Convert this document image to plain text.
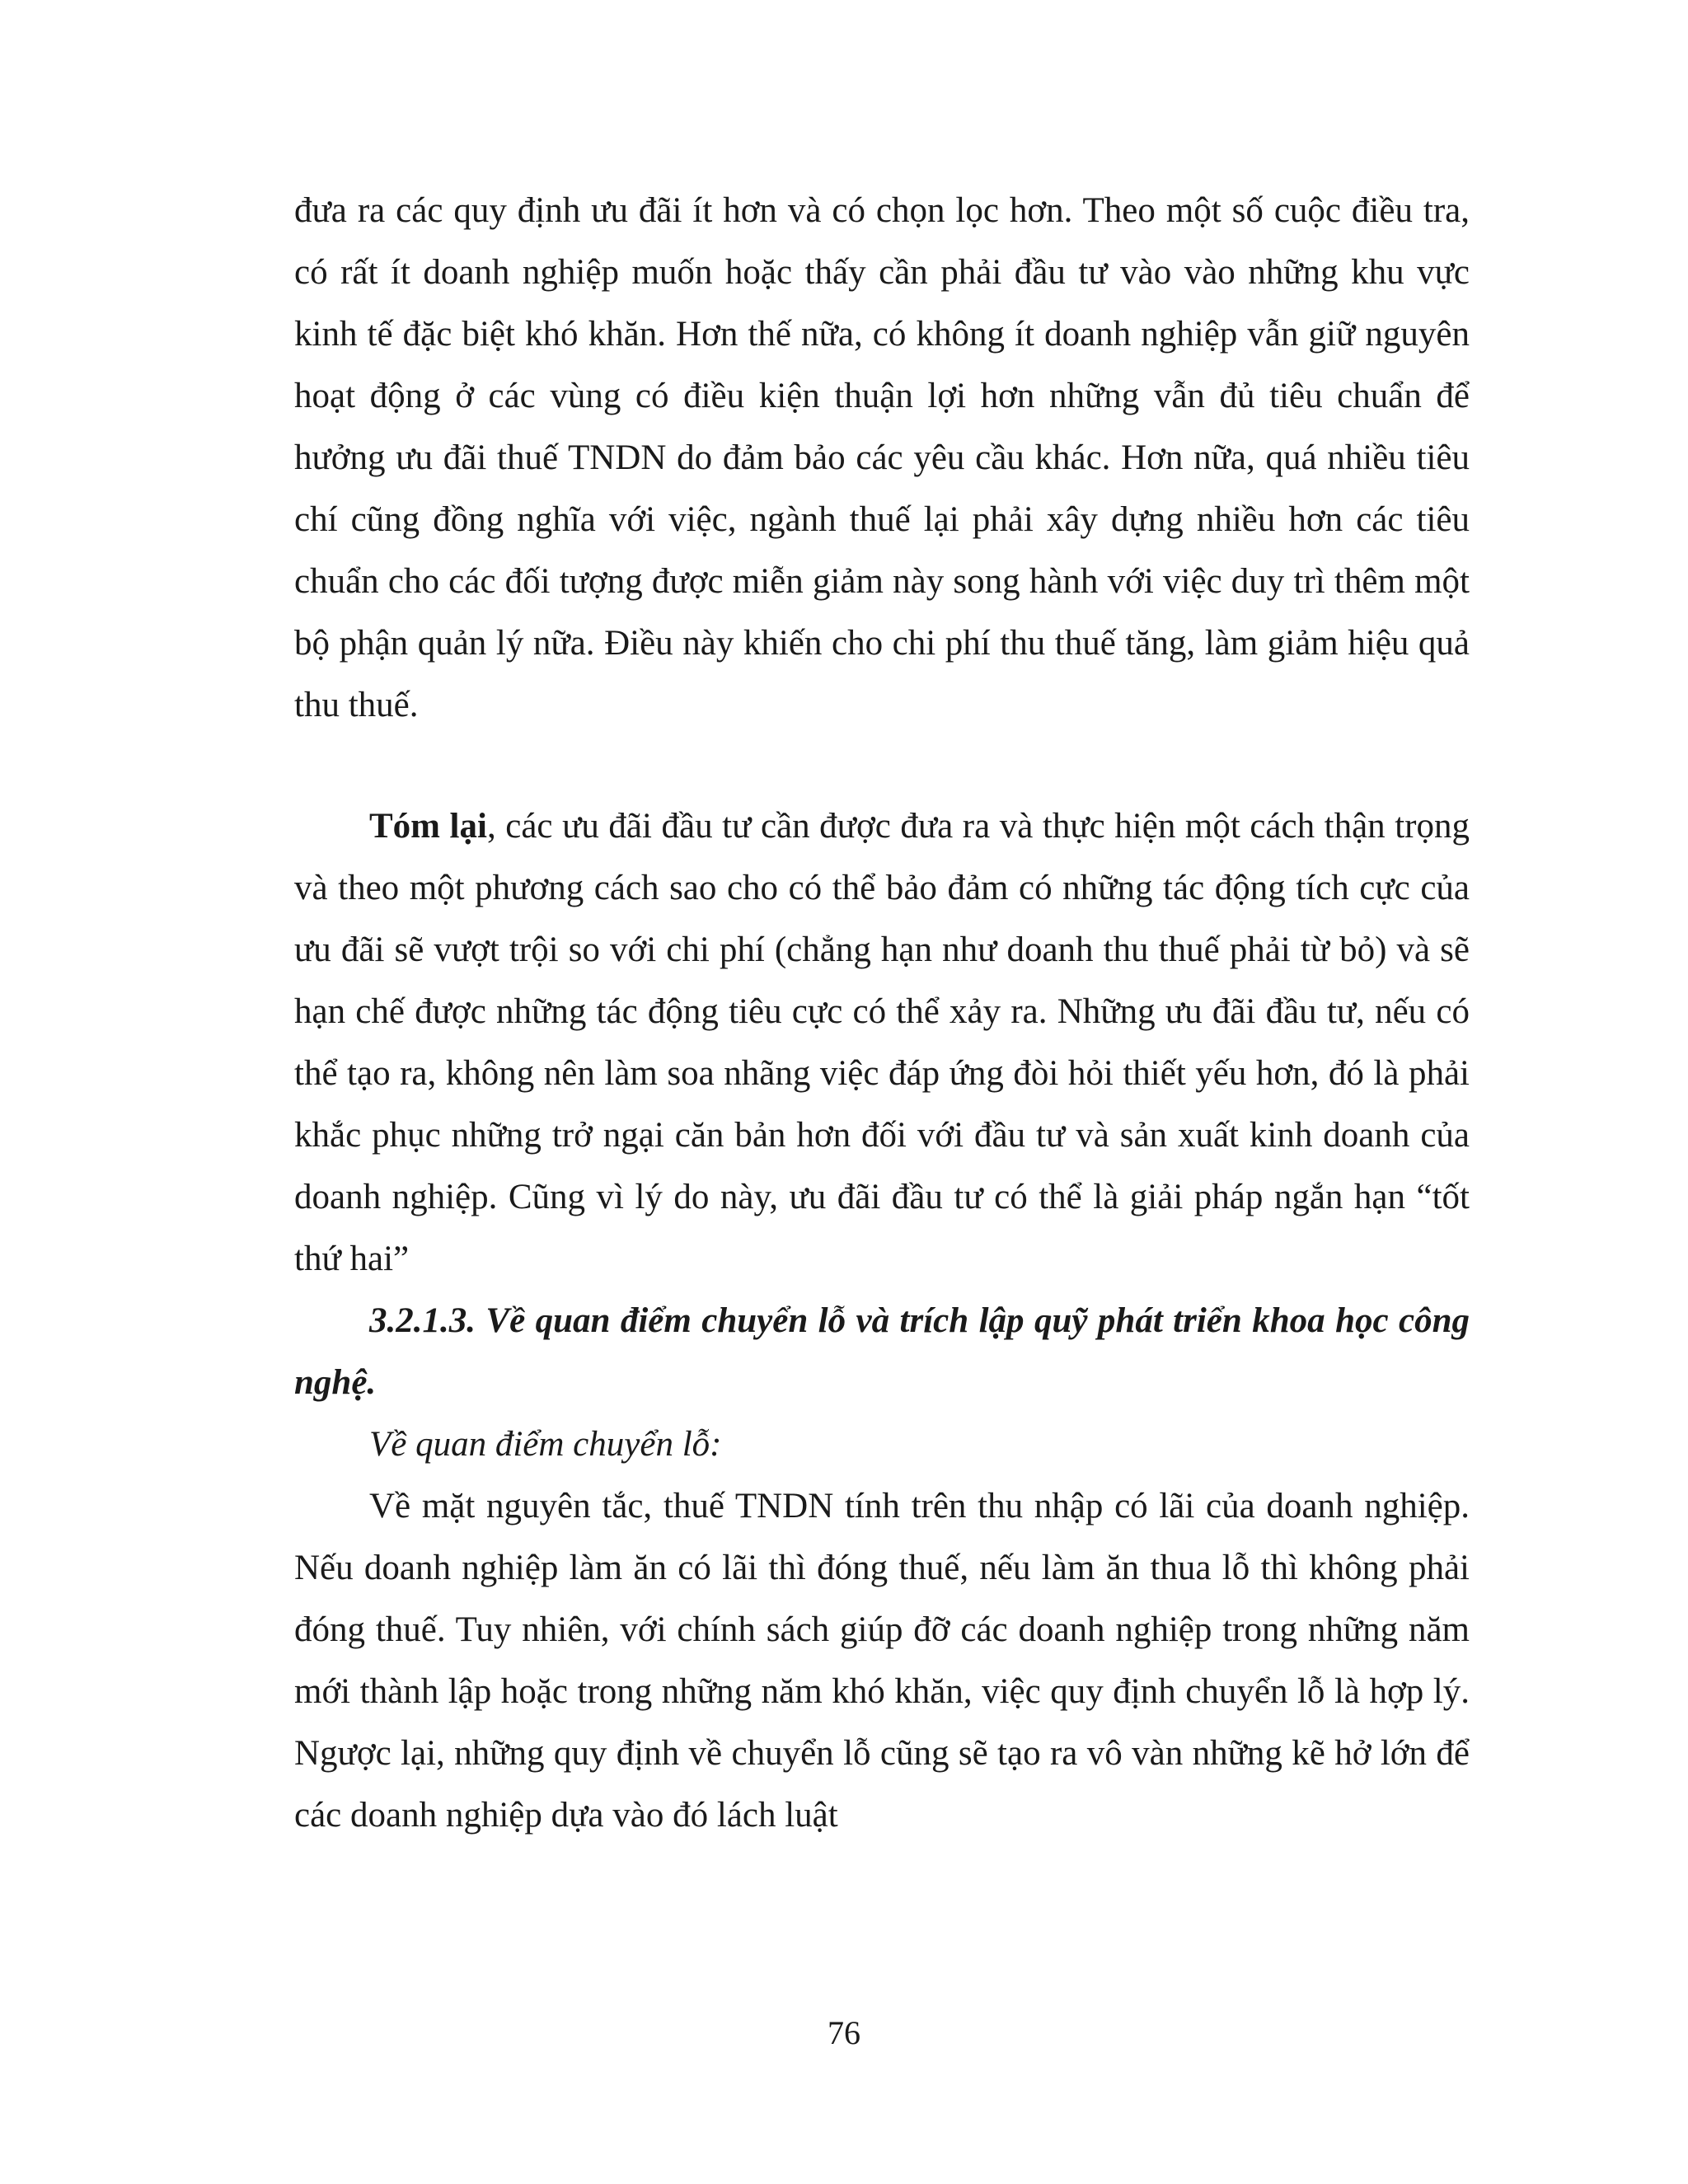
đưa ra các quy định ưu đãi ít hơn và có chọn lọc hơn. Theo một số cuộc điều tra, có rất ít doanh nghiệp muốn hoặc thấy cần phải đầu tư vào vào những khu vực kinh tế đặc biệt khó khăn. Hơn thế nữa, có không ít doanh nghiệp vẫn giữ nguyên hoạt động ở các vùng có điều kiện thuận lợi hơn những vẫn đủ tiêu chuẩn để hưởng ưu đãi thuế TNDN do đảm bảo các yêu cầu khác. Hơn nữa, quá nhiều tiêu chí cũng đồng nghĩa với việc, ngành thuế lại phải xây dựng nhiều hơn các tiêu chuẩn cho các đối tượng được miễn giảm này song hành với việc duy trì thêm một bộ phận quản lý nữa. Điều này khiến cho chi phí thu thuế tăng, làm giảm hiệu quả thu thuế.

Tóm lại, các ưu đãi đầu tư cần được đưa ra và thực hiện một cách thận trọng và theo một phương cách sao cho có thể bảo đảm có những tác động tích cực của ưu đãi sẽ vượt trội so với chi phí (chẳng hạn như doanh thu thuế phải từ bỏ) và sẽ hạn chế được những tác động tiêu cực có thể xảy ra. Những ưu đãi đầu tư, nếu có thể tạo ra, không nên làm soa nhãng việc đáp ứng đòi hỏi thiết yếu hơn, đó là phải khắc phục những trở ngại căn bản hơn đối với đầu tư và sản xuất kinh doanh của doanh nghiệp. Cũng vì lý do này, ưu đãi đầu tư có thể là giải pháp ngắn hạn “tốt thứ hai”

3.2.1.3. Về quan điểm chuyển lỗ và trích lập quỹ phát triển khoa học công nghệ.

Về quan điểm chuyển lỗ:

Về mặt nguyên tắc, thuế TNDN tính trên thu nhập có lãi của doanh nghiệp. Nếu doanh nghiệp làm ăn có lãi thì đóng thuế, nếu làm ăn thua lỗ thì không phải đóng thuế. Tuy nhiên, với chính sách giúp đỡ các doanh nghiệp trong những năm mới thành lập hoặc trong những năm khó khăn, việc quy định chuyển lỗ là hợp lý. Ngược lại, những quy định về chuyển lỗ cũng sẽ tạo ra vô vàn những kẽ hở lớn để các doanh nghiệp dựa vào đó lách luật

76
